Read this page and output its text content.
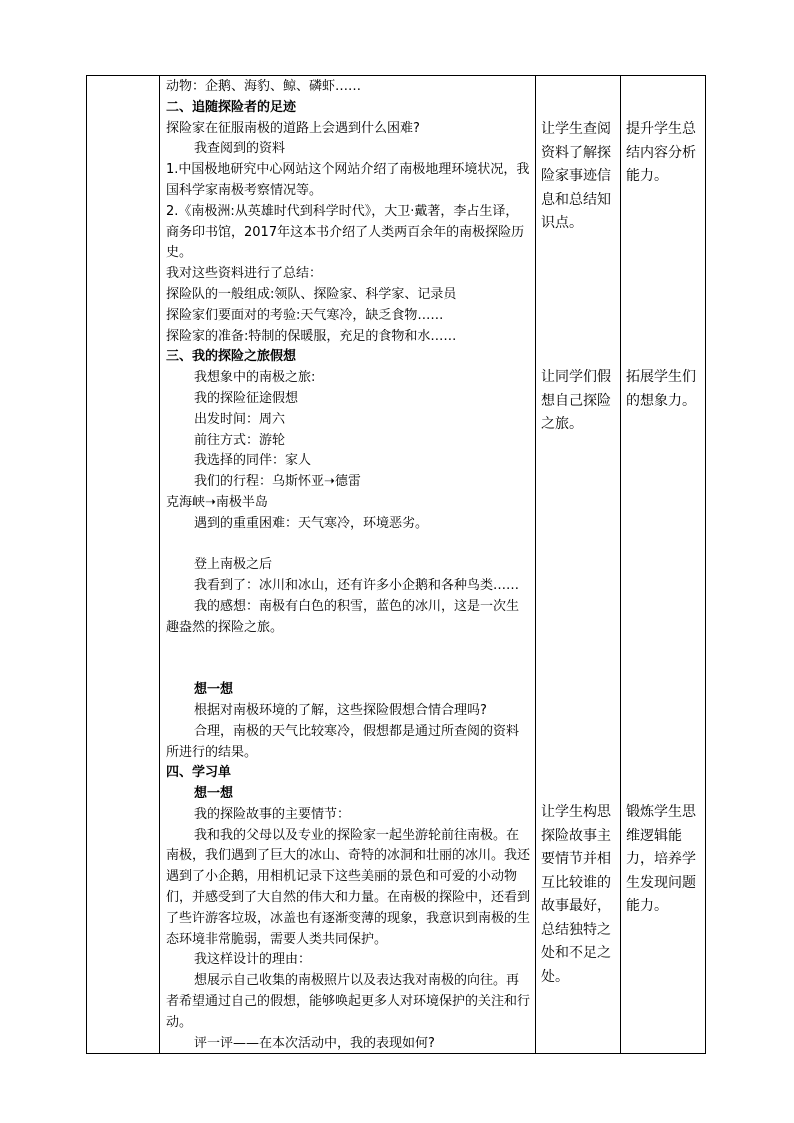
动物：企鹅、海豹、鲸、磷虾……

二、追随探险者的足迹

探险家在征服南极的道路上会遇到什么困难?

我查阅到的资料

1.中国极地研究中心网站这个网站介绍了南极地理环境状况，我国科学家南极考察情况等。

2.《南极洲:从英雄时代到科学时代》，大卫·戴著，李占生译，商务印书馆，2017年这本书介绍了人类两百余年的南极探险历史。

我对这些资料进行了总结：

探险队的一般组成:领队、探险家、科学家、记录员

探险家们要面对的考验:天气寒冷，缺乏食物……

探险家的准备:特制的保暖服，充足的食物和水……

三、我的探险之旅假想

我想象中的南极之旅:

我的探险征途假想

出发时间：周六

前往方式：游轮

我选择的同伴：家人

我们的行程：乌斯怀亚➝德雷

克海峡➝南极半岛

遇到的重重困难：天气寒冷，环境恶劣。

登上南极之后

我看到了：冰川和冰山，还有许多小企鹅和各种鸟类……

我的感想：南极有白色的积雪，蓝色的冰川，这是一次生趣盎然的探险之旅。

想一想

根据对南极环境的了解，这些探险假想合情合理吗?

合理，南极的天气比较寒冷，假想都是通过所查阅的资料所进行的结果。

四、学习单

想一想

我的探险故事的主要情节：

我和我的父母以及专业的探险家一起坐游轮前往南极。在南极，我们遇到了巨大的冰山、奇特的冰洞和壮丽的冰川。我还遇到了小企鹅，用相机记录下这些美丽的景色和可爱的小动物们，并感受到了大自然的伟大和力量。在南极的探险中，还看到了些许游客垃圾，冰盖也有逐渐变薄的现象，我意识到南极的生态环境非常脆弱，需要人类共同保护。

我这样设计的理由：

想展示自己收集的南极照片以及表达我对南极的向往。再者希望通过自己的假想，能够唤起更多人对环境保护的关注和行动。

评一评——在本次活动中，我的表现如何?

让学生查阅资料了解探险家事迹信息和总结知识点。

让同学们假想自己探险之旅。

让学生构思探险故事主要情节并相互比较谁的故事最好，总结独特之处和不足之处。

提升学生总结内容分析能力。

拓展学生们的想象力。

锻炼学生思维逻辑能力，培养学生发现问题能力。
